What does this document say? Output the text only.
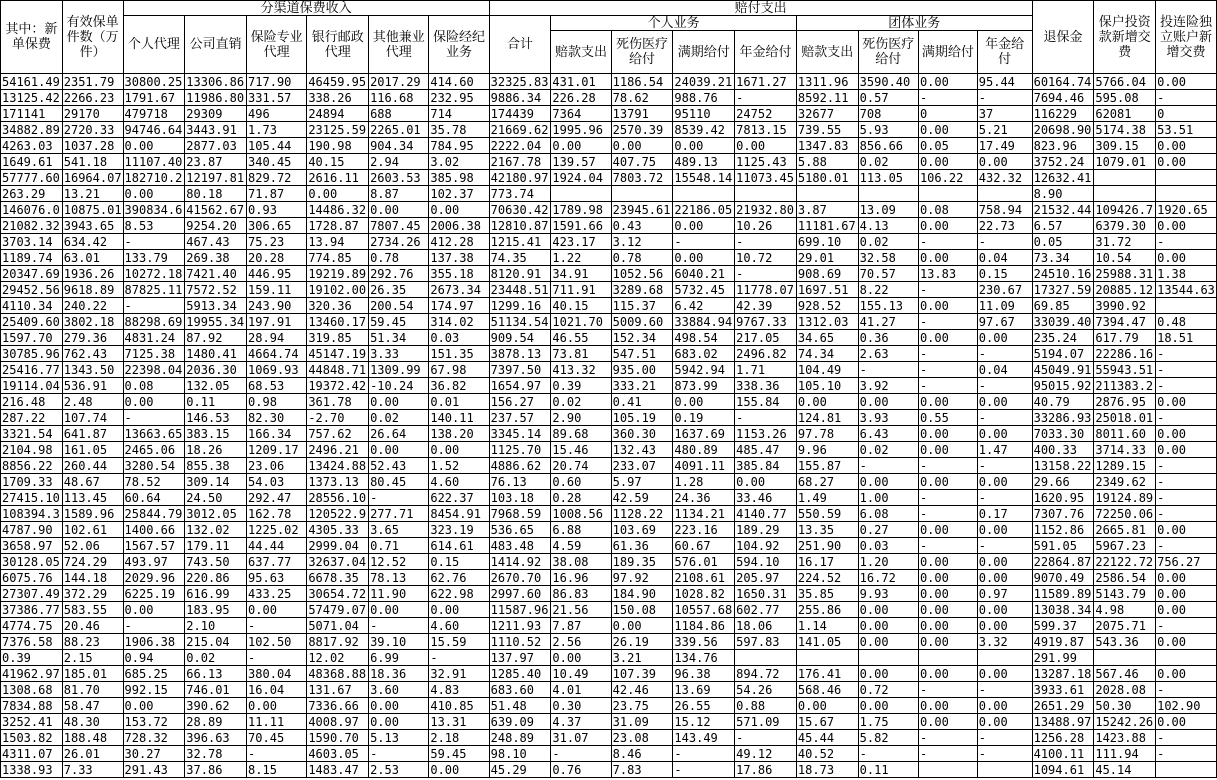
其中：新单保费	有效保单件数（万件）	分渠道保费收入						赔付支出									退保金	保户投资款新增交费	投连险独立账户新增交费
		个人代理	公司直销	保险专业代理	银行邮政代理	其他兼业代理	保险经纪业务	合计	个人业务				团体业务						
									赔款支出	死伤医疗给付	满期给付	年金给付	赔款支出	死伤医疗给付	满期给付	年金给付			
54161.49	2351.79	30800.25	13306.86	717.90	46459.95	2017.29	414.60	32325.83	431.01	1186.54	24039.21	1671.27	1311.96	3590.40	0.00	95.44	60164.74	5766.04	0.00
13125.42	2266.23	1791.67	11986.80	331.57	338.26	116.68	232.95	9886.34	226.28	78.62	988.76	-	8592.11	0.57	-	-	7694.46	595.08	-
171141	29170	479718	29309	496	24894	688	714	174439	7364	13791	95110	24752	32677	708	0	37	116229	62081	0
34882.89	2720.33	94746.64	3443.91	1.73	23125.59	2265.01	35.78	21669.62	1995.96	2570.39	8539.42	7813.15	739.55	5.93	0.00	5.21	20698.90	5174.38	53.51
4263.03	1037.28	0.00	2877.03	105.44	190.98	904.34	784.95	2222.04	0.00	0.00	0.00	0.00	1347.83	856.66	0.05	17.49	823.96	309.15	0.00
1649.61	541.18	11107.40	23.87	340.45	40.15	2.94	3.02	2167.78	139.57	407.75	489.13	1125.43	5.88	0.02	0.00	0.00	3752.24	1079.01	0.00
57777.60	16964.07	182710.2	12197.81	829.72	2616.11	2603.53	385.98	42180.97	1924.04	7803.72	15548.14	11073.45	5180.01	113.05	106.22	432.32	12632.41		
263.29	13.21	0.00	80.18	71.87	0.00	8.87	102.37	773.74									8.90		
146076.0	10875.01	390834.6	41562.67	0.93	14486.32	0.00	0.00	70630.42	1789.98	23945.61	22186.05	21932.80	3.87	13.09	0.08	758.94	21532.44	109426.7	1920.65
21082.32	3943.65	8.53	9254.20	306.65	1728.87	7807.45	2006.38	12810.87	1591.66	0.43	0.00	10.26	11181.67	4.13	0.00	22.73	6.57	6379.30	0.00
3703.14	634.42	-	467.43	75.23	13.94	2734.26	412.28	1215.41	423.17	3.12	-	-	699.10	0.02	-	-	0.05	31.72	-
1189.74	63.01	133.79	269.38	20.28	774.85	0.78	137.38	74.35	1.22	0.78	0.00	10.72	29.01	32.58	0.00	0.04	73.34	10.54	0.00
20347.69	1936.26	10272.18	7421.40	446.95	19219.89	292.76	355.18	8120.91	34.91	1052.56	6040.21	-	908.69	70.57	13.83	0.15	24510.16	25988.31	1.38
29452.56	9618.89	87825.11	7572.52	159.11	19102.00	26.35	2673.34	23448.51	711.91	3289.68	5732.45	11778.07	1697.51	8.22	-	230.67	17327.59	20885.12	13544.63
4110.34	240.22	-	5913.34	243.90	320.36	200.54	174.97	1299.16	40.15	115.37	6.42	42.39	928.52	155.13	0.00	11.09	69.85	3990.92	
25409.60	3802.18	88298.69	19955.34	197.91	13460.17	59.45	314.02	51134.54	1021.70	5009.60	33884.94	9767.33	1312.03	41.27	-	97.67	33039.40	7394.47	0.48
1597.70	279.36	4831.24	87.92	28.94	319.85	51.34	0.03	909.54	46.55	152.34	498.54	217.05	34.65	0.36	0.00	0.00	235.24	617.79	18.51
30785.96	762.43	7125.38	1480.41	4664.74	45147.19	3.33	151.35	3878.13	73.81	547.51	683.02	2496.82	74.34	2.63	-	-	5194.07	22286.16	-
25416.77	1343.50	22398.04	2036.30	1069.93	44848.71	1309.99	67.98	7397.50	413.32	935.00	5942.94	1.71	104.49	-	-	0.04	45049.91	55943.51	-
19114.04	536.91	0.08	132.05	68.53	19372.42	-10.24	36.82	1654.97	0.39	333.21	873.99	338.36	105.10	3.92	-	-	95015.92	211383.2	-
216.48	2.48	0.00	0.11	0.98	361.78	0.00	0.01	156.27	0.02	0.41	0.00	155.84	0.00	0.00	0.00	0.00	40.79	2876.95	0.00
287.22	107.74	-	146.53	82.30	-2.70	0.02	140.11	237.57	2.90	105.19	0.19	-	124.81	3.93	0.55	-	33286.93	25018.01	-
3321.54	641.87	13663.65	383.15	166.34	757.62	26.64	138.20	3345.14	89.68	360.30	1637.69	1153.26	97.78	6.43	0.00	0.00	7033.30	8011.60	0.00
2104.98	161.05	2465.06	18.26	1209.17	2496.21	0.00	0.00	1125.70	15.46	132.43	480.89	485.47	9.96	0.02	0.00	1.47	400.33	3714.33	0.00
8856.22	260.44	3280.54	855.38	23.06	13424.88	52.43	1.52	4886.62	20.74	233.07	4091.11	385.84	155.87	-	-	-	13158.22	1289.15	-
1709.33	48.67	78.52	309.14	54.03	1373.13	80.45	4.60	76.13	0.60	5.97	1.28	0.00	68.27	0.00	0.00	0.00	29.66	2349.62	-
27415.10	113.45	60.64	24.50	292.47	28556.10	-	622.37	103.18	0.28	42.59	24.36	33.46	1.49	1.00	-	-	1620.95	19124.89	-
108394.3	1589.96	25844.79	3012.05	162.78	120522.9	277.71	8454.91	7968.59	1008.56	1128.22	1134.21	4140.77	550.59	6.08	-	0.17	7307.76	72250.06	-
4787.90	102.61	1400.66	132.02	1225.02	4305.33	3.65	323.19	536.65	6.88	103.69	223.16	189.29	13.35	0.27	0.00	0.00	1152.86	2665.81	0.00
3658.97	52.06	1567.57	179.11	44.44	2999.04	0.71	614.61	483.48	4.59	61.36	60.67	104.92	251.90	0.03	-	-	591.05	5967.23	-
30128.05	724.29	493.97	743.50	637.77	32637.04	12.52	0.15	1414.92	38.08	189.35	576.01	594.10	16.17	1.20	0.00	0.00	22864.87	22122.72	756.27
6075.76	144.18	2029.96	220.86	95.63	6678.35	78.13	62.76	2670.70	16.96	97.92	2108.61	205.97	224.52	16.72	0.00	0.00	9070.49	2586.54	0.00
27307.49	372.29	6225.19	616.99	433.25	30654.72	11.90	622.98	2997.60	86.83	184.90	1028.82	1650.31	35.85	9.93	0.00	0.97	11589.89	5143.79	0.00
37386.77	583.55	0.00	183.95	0.00	57479.07	0.00	0.00	11587.96	21.56	150.08	10557.68	602.77	255.86	0.00	0.00	0.00	13038.34	4.98	0.00
4774.75	20.46	-	2.10	-	5071.04	-	4.60	1211.93	7.87	0.00	1184.86	18.06	1.14	0.00	0.00	0.00	599.37	2075.71	-
7376.58	88.23	1906.38	215.04	102.50	8817.92	39.10	15.59	1110.52	2.56	26.19	339.56	597.83	141.05	0.00	0.00	3.32	4919.87	543.36	0.00
0.39	2.15	0.94	0.02	-	12.02	6.99	-	137.97	0.00	3.21	134.76						291.99		
41962.97	185.01	685.25	66.13	380.04	48368.88	18.36	32.91	1285.40	10.49	107.39	96.38	894.72	176.41	0.00	0.00	0.00	13287.18	567.46	0.00
1308.68	81.70	992.15	746.01	16.04	131.67	3.60	4.83	683.60	4.01	42.46	13.69	54.26	568.46	0.72	-	-	3933.61	2028.08	-
7834.88	58.47	0.00	390.62	0.00	7336.66	0.00	410.85	51.48	0.30	23.75	26.55	0.88	0.00	0.00	0.00	0.00	2651.29	50.30	102.90
3252.41	48.30	153.72	28.89	11.11	4008.97	0.00	13.31	639.09	4.37	31.09	15.12	571.09	15.67	1.75	0.00	0.00	13488.97	15242.26	0.00
1503.82	188.48	728.32	396.63	70.45	1590.70	5.13	2.18	248.89	31.07	23.08	143.49	-	45.44	5.82	-	-	1256.28	1423.88	-
4311.07	26.01	30.27	32.78	-	4603.05	-	59.45	98.10	-	8.46	-	49.12	40.52	-	-	-	4100.11	111.94	-
1338.93	7.33	291.43	37.86	8.15	1483.47	2.53	0.00	45.29	0.76	7.83	-	17.86	18.73	0.11			1094.61	45.14	
